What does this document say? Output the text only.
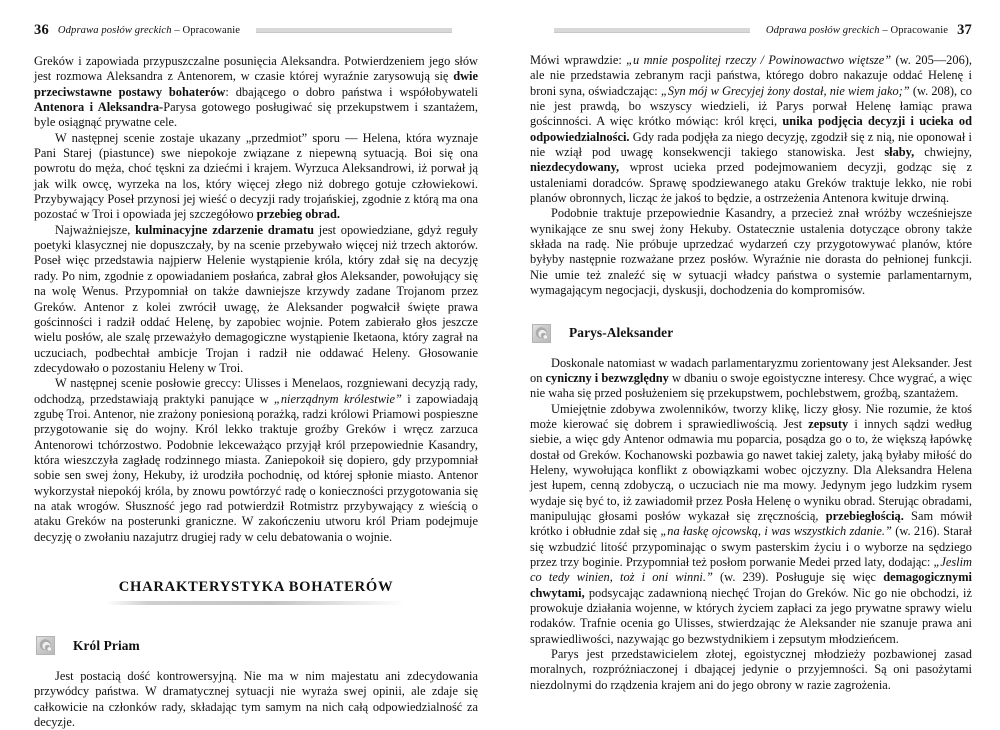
36 Odprawa posłów greckich – Opracowanie

Greków i zapowiada przypuszczalne posunięcia Aleksandra. Potwierdzeniem jego słów jest rozmowa Aleksandra z Antenorem, w czasie której wyraźnie zarysowują się dwie przeciwstawne postawy bohaterów: dbającego o dobro państwa i współobywateli Antenora i Aleksandra-Parysa gotowego posługiwać się przekupstwem i szantażem, byle osiągnąć prywatne cele.

W następnej scenie zostaje ukazany „przedmiot” sporu — Helena, która wyznaje Pani Starej (piastunce) swe niepokoje związane z niepewną sytuacją. Boi się ona powrotu do męża, choć tęskni za dziećmi i krajem. Wyrzuca Aleksandrowi, iż porwał ją jak wilk owcę, wyrzeka na los, który więcej złego niż dobrego gotuje człowiekowi. Przybywający Poseł przynosi jej wieść o decyzji rady trojańskiej, zgodnie z którą ma ona pozostać w Troi i opowiada jej szczegółowo przebieg obrad.

Najważniejsze, kulminacyjne zdarzenie dramatu jest opowiedziane, gdyż reguły poetyki klasycznej nie dopuszczały, by na scenie przebywało więcej niż trzech aktorów. Poseł więc przedstawia najpierw Helenie wystąpienie króla, który zdał się na decyzję rady. Po nim, zgodnie z opowiadaniem posłańca, zabrał głos Aleksander, powołujący się na wolę Wenus. Przypomniał on także dawniejsze krzywdy zadane Trojanom przez Greków. Antenor z kolei zwrócił uwagę, że Aleksander pogwałcił święte prawa gościnności i radził oddać Helenę, by zapobiec wojnie. Potem zabierało głos jeszcze wielu posłów, ale szalę przeważyło demagogiczne wystąpienie Iketaona, który zagrał na uczuciach, podbechtał ambicje Trojan i radził nie oddawać Heleny. Głosowanie zdecydowało o pozostaniu Heleny w Troi.

W następnej scenie posłowie greccy: Ulisses i Menelaos, rozgniewani decyzją rady, odchodzą, przedstawiają praktyki panujące w „nierządnym królestwie” i zapowiadają zgubę Troi. Antenor, nie zrażony poniesioną porażką, radzi królowi Priamowi pospieszne przygotowanie się do wojny. Król lekko traktuje groźby Greków i wręcz zarzuca Antenorowi tchórzostwo. Podobnie lekceważąco przyjął król przepowiednie Kasandry, która wieszczyła zagładę rodzinnego miasta. Zaniepokoił się dopiero, gdy przypomniał sobie sen swej żony, Hekuby, iż urodziła pochodnię, od której spłonie miasto. Antenor wykorzystał niepokój króla, by znowu powtórzyć radę o konieczności przygotowania się na atak wrogów. Słuszność jego rad potwierdził Rotmistrz przybywający z wieścią o ataku Greków na posterunki graniczne. W zakończeniu utworu król Priam podejmuje decyzję o zwołaniu nazajutrz drugiej rady w celu debatowania o wojnie.

CHARAKTERYSTYKA BOHATERÓW
Król Priam

Jest postacią dość kontrowersyjną. Nie ma w nim majestatu ani zdecydowania przywódcy państwa. W dramatycznej sytuacji nie wyraża swej opinii, ale zdaje się całkowicie na członków rady, składając tym samym na nich całą odpowiedzialność za decyzje.

Odprawa posłów greckich – Opracowanie 37

Mówi wprawdzie: „u mnie pospolitej rzeczy / Powinowactwo więtsze” (w. 205—206), ale nie przedstawia zebranym racji państwa, którego dobro nakazuje oddać Helenę i broni syna, oświadczając: „Syn mój w Grecyjej żony dostał, nie wiem jako;” (w. 208), co nie jest prawdą, bo wszyscy wiedzieli, iż Parys porwał Helenę łamiąc prawa gościnności. A więc krótko mówiąc: król kręci, unika podjęcia decyzji i ucieka od odpowiedzialności. Gdy rada podjęła za niego decyzję, zgodził się z nią, nie oponował i nie wziął pod uwagę konsekwencji takiego stanowiska. Jest słaby, chwiejny, niezdecydowany, wprost ucieka przed podejmowaniem decyzji, godząc się z ustaleniami doradców. Sprawę spodziewanego ataku Greków traktuje lekko, nie robi planów obronnych, licząc że jakoś to będzie, a ostrzeżenia Antenora kwituje drwiną.

Podobnie traktuje przepowiednie Kasandry, a przecież znał wróżby wcześniejsze wynikające ze snu swej żony Hekuby. Ostatecznie ustalenia dotyczące obrony także składa na radę. Nie próbuje uprzedzać wydarzeń czy przygotowywać planów, które byłyby następnie rozważane przez posłów. Wyraźnie nie dorasta do pełnionej funkcji. Nie umie też znaleźć się w sytuacji władcy państwa o systemie parlamentarnym, wymagającym negocjacji, dyskusji, dochodzenia do kompromisów.

Parys-Aleksander

Doskonale natomiast w wadach parlamentaryzmu zorientowany jest Aleksander. Jest on cyniczny i bezwzględny w dbaniu o swoje egoistyczne interesy. Chce wygrać, a więc nie waha się przed posłużeniem się przekupstwem, pochlebstwem, groźbą, szantażem.

Umiejętnie zdobywa zwolenników, tworzy klikę, liczy głosy. Nie rozumie, że ktoś może kierować się dobrem i sprawiedliwością. Jest zepsuty i innych sądzi według siebie, a więc gdy Antenor odmawia mu poparcia, posądza go o to, że większą łapówkę dostał od Greków. Kochanowski pozbawia go nawet takiej zalety, jaką byłaby miłość do Heleny, wywołująca konflikt z obowiązkami wobec ojczyzny. Dla Aleksandra Helena jest łupem, cenną zdobyczą, o uczuciach nie ma mowy. Jedynym jego ludzkim rysem wydaje się być to, iż zawiadomił przez Posła Helenę o wyniku obrad. Sterując obradami, manipulując głosami posłów wykazał się zręcznością, przebiegłością. Sam mówił krótko i obłudnie zdał się „na łaskę ojcowską, i was wszystkich zdanie.” (w. 216). Starał się wzbudzić litość przypominając o swym pasterskim życiu i o wyborze na sędziego przez trzy boginie. Przypomniał też posłom porwanie Medei przed laty, dodając: „Jeslim co tedy winien, toż i oni winni.” (w. 239). Posługuje się więc demagogicznymi chwytami, podsycając zadawnioną niechęć Trojan do Greków. Nic go nie obchodzi, iż prowokuje działania wojenne, w których życiem zapłaci za jego prywatne sprawy wielu rodaków. Trafnie ocenia go Ulisses, stwierdzając że Aleksander nie szanuje prawa ani sprawiedliwości, nazywając go bezwstydnikiem i zepsutym młodzieńcem.

Parys jest przedstawicielem złotej, egoistycznej młodzieży pozbawionej zasad moralnych, rozpróżniaczonej i dbającej jedynie o przyjemności. Są oni pasożytami niezdolnymi do rządzenia krajem ani do jego obrony w razie zagrożenia.
